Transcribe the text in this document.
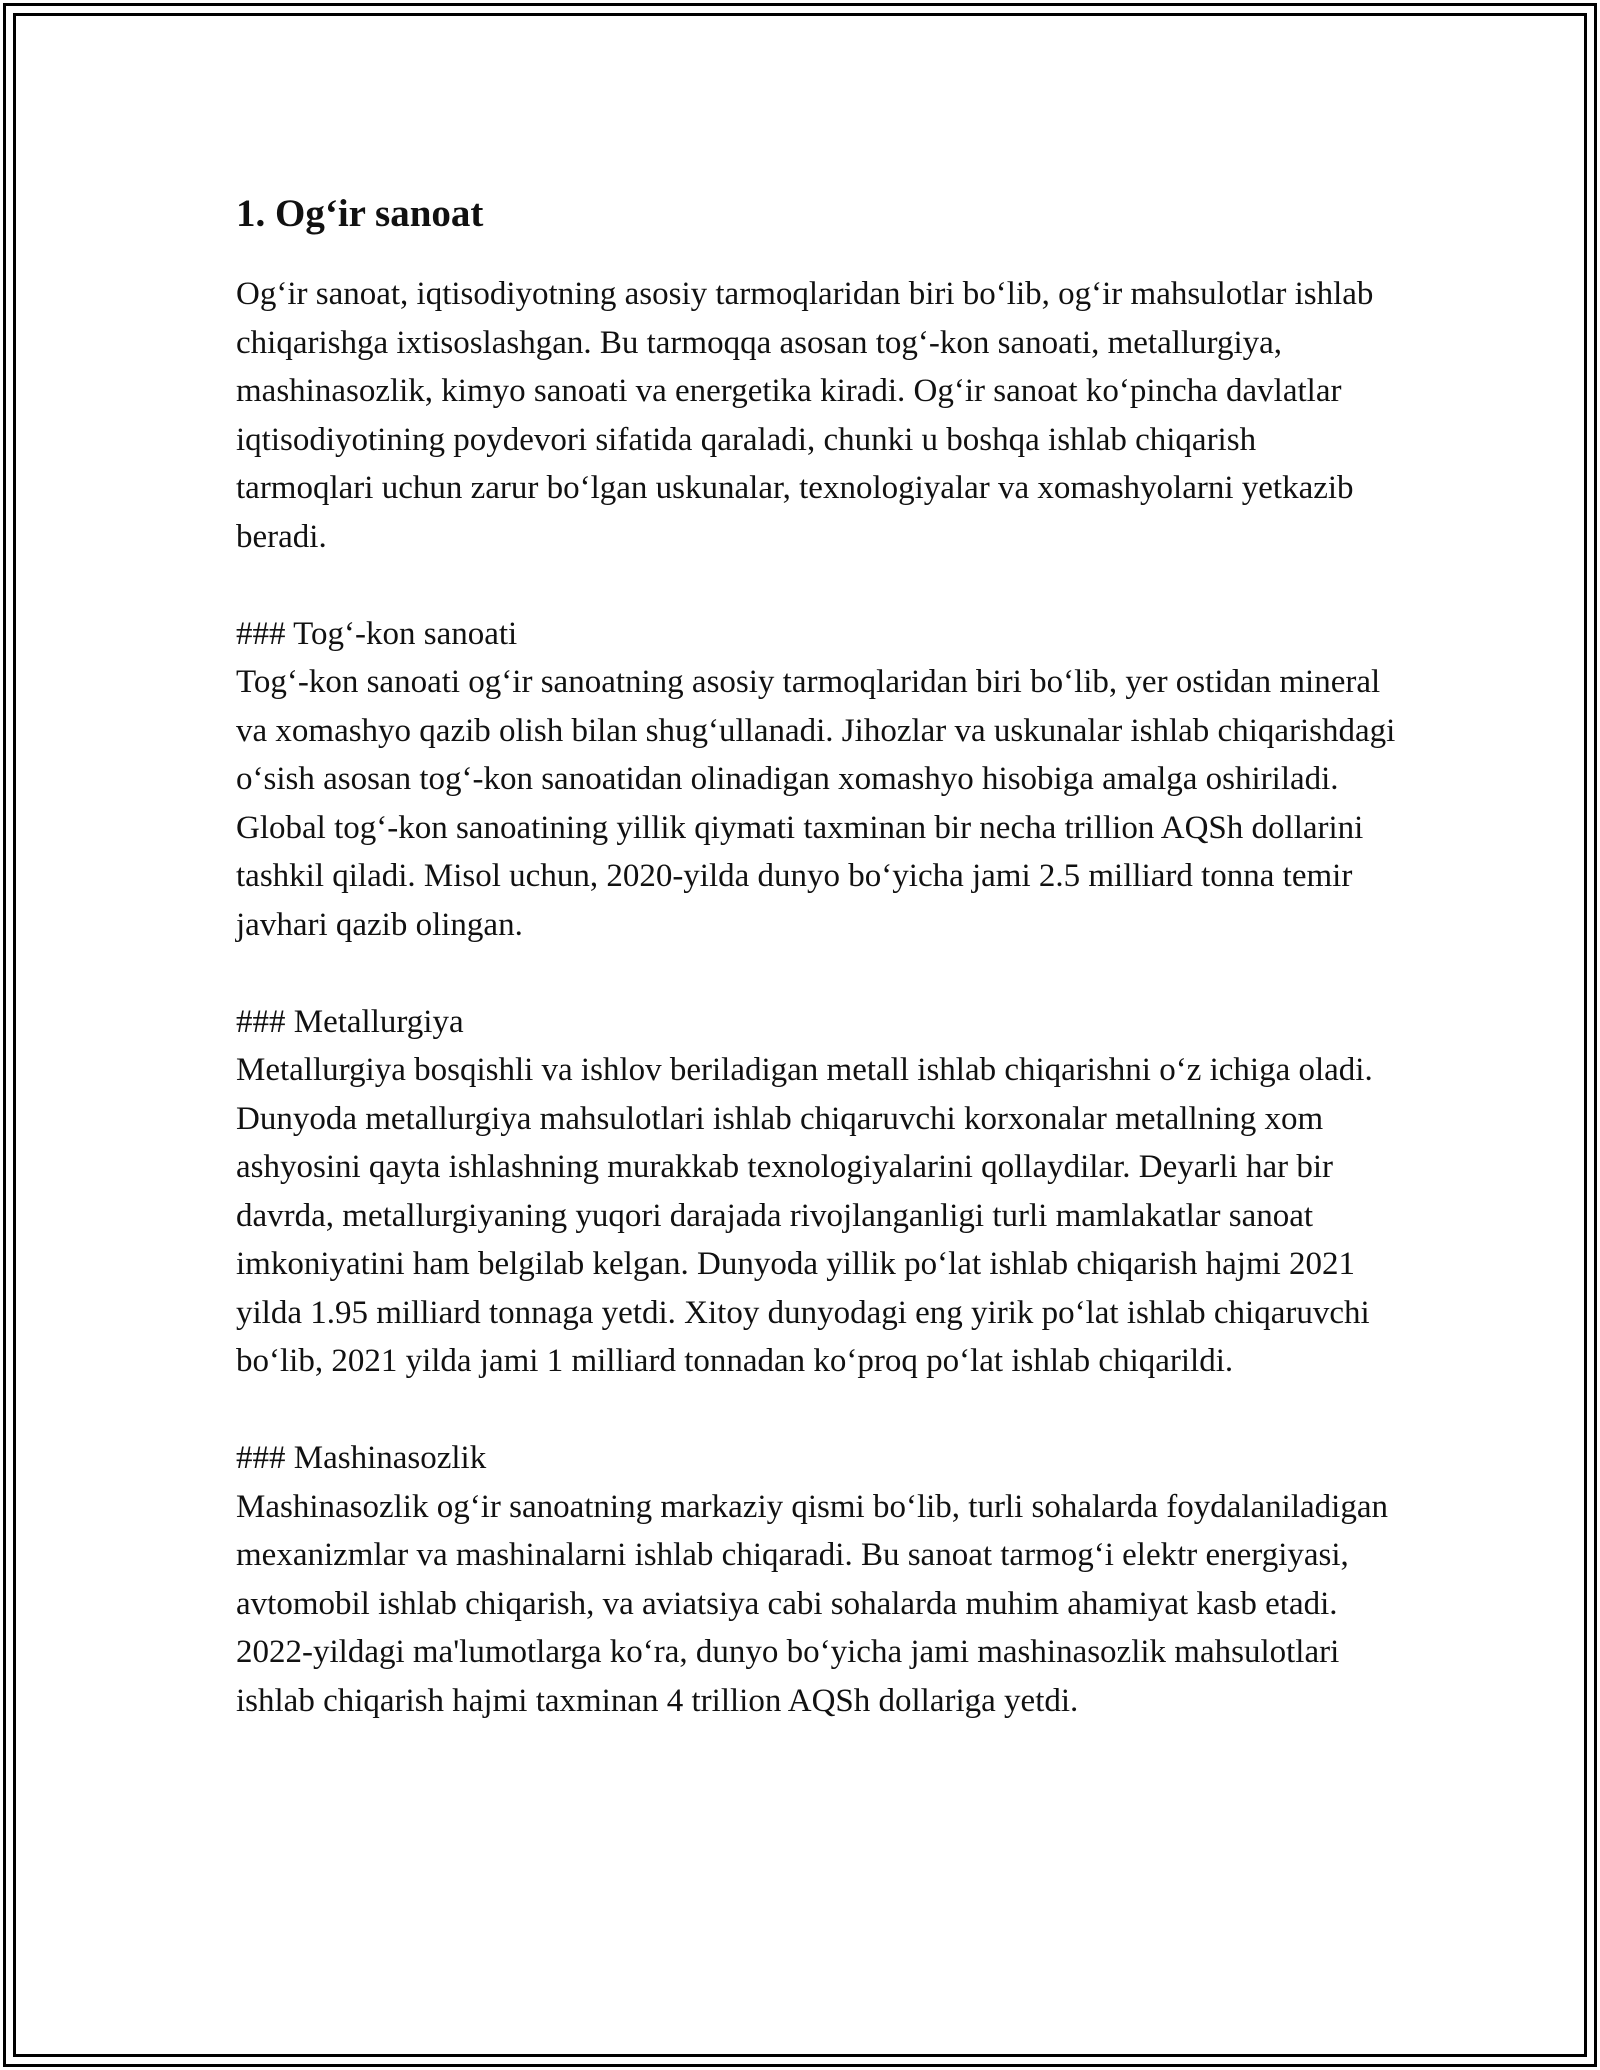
1. Og‘ir sanoat

Og‘ir sanoat, iqtisodiyotning asosiy tarmoqlaridan biri bo‘lib, og‘ir mahsulotlar ishlab chiqarishga ixtisoslashgan. Bu tarmoqqa asosan tog‘-kon sanoati, metallurgiya, mashinasozlik, kimyo sanoati va energetika kiradi. Og‘ir sanoat ko‘pincha davlatlar iqtisodiyotining poydevori sifatida qaraladi, chunki u boshqa ishlab chiqarish tarmoqlari uchun zarur bo‘lgan uskunalar, texnologiyalar va xomashyolarni yetkazib beradi.

### Tog‘-kon sanoati

Tog‘-kon sanoati og‘ir sanoatning asosiy tarmoqlaridan biri bo‘lib, yer ostidan mineral va xomashyo qazib olish bilan shug‘ullanadi. Jihozlar va uskunalar ishlab chiqarishdagi o‘sish asosan tog‘-kon sanoatidan olinadigan xomashyo hisobiga amalga oshiriladi. Global tog‘-kon sanoatining yillik qiymati taxminan bir necha trillion AQSh dollarini tashkil qiladi. Misol uchun, 2020-yilda dunyo bo‘yicha jami 2.5 milliard tonna temir javhari qazib olingan.

### Metallurgiya

Metallurgiya bosqishli va ishlov beriladigan metall ishlab chiqarishni o‘z ichiga oladi. Dunyoda metallurgiya mahsulotlari ishlab chiqaruvchi korxonalar metallning xom ashyosini qayta ishlashning murakkab texnologiyalarini qollaydilar. Deyarli har bir davrda, metallurgiyaning yuqori darajada rivojlanganligi turli mamlakatlar sanoat imkoniyatini ham belgilab kelgan. Dunyoda yillik po‘lat ishlab chiqarish hajmi 2021 yilda 1.95 milliard tonnaga yetdi. Xitoy dunyodagi eng yirik po‘lat ishlab chiqaruvchi bo‘lib, 2021 yilda jami 1 milliard tonnadan ko‘proq po‘lat ishlab chiqarildi.

### Mashinasozlik

Mashinasozlik og‘ir sanoatning markaziy qismi bo‘lib, turli sohalarda foydalaniladigan mexanizmlar va mashinalarni ishlab chiqaradi. Bu sanoat tarmog‘i elektr energiyasi, avtomobil ishlab chiqarish, va aviatsiya cabi sohalarda muhim ahamiyat kasb etadi. 2022-yildagi ma'lumotlarga ko‘ra, dunyo bo‘yicha jami mashinasozlik mahsulotlari ishlab chiqarish hajmi taxminan 4 trillion AQSh dollariga yetdi.
